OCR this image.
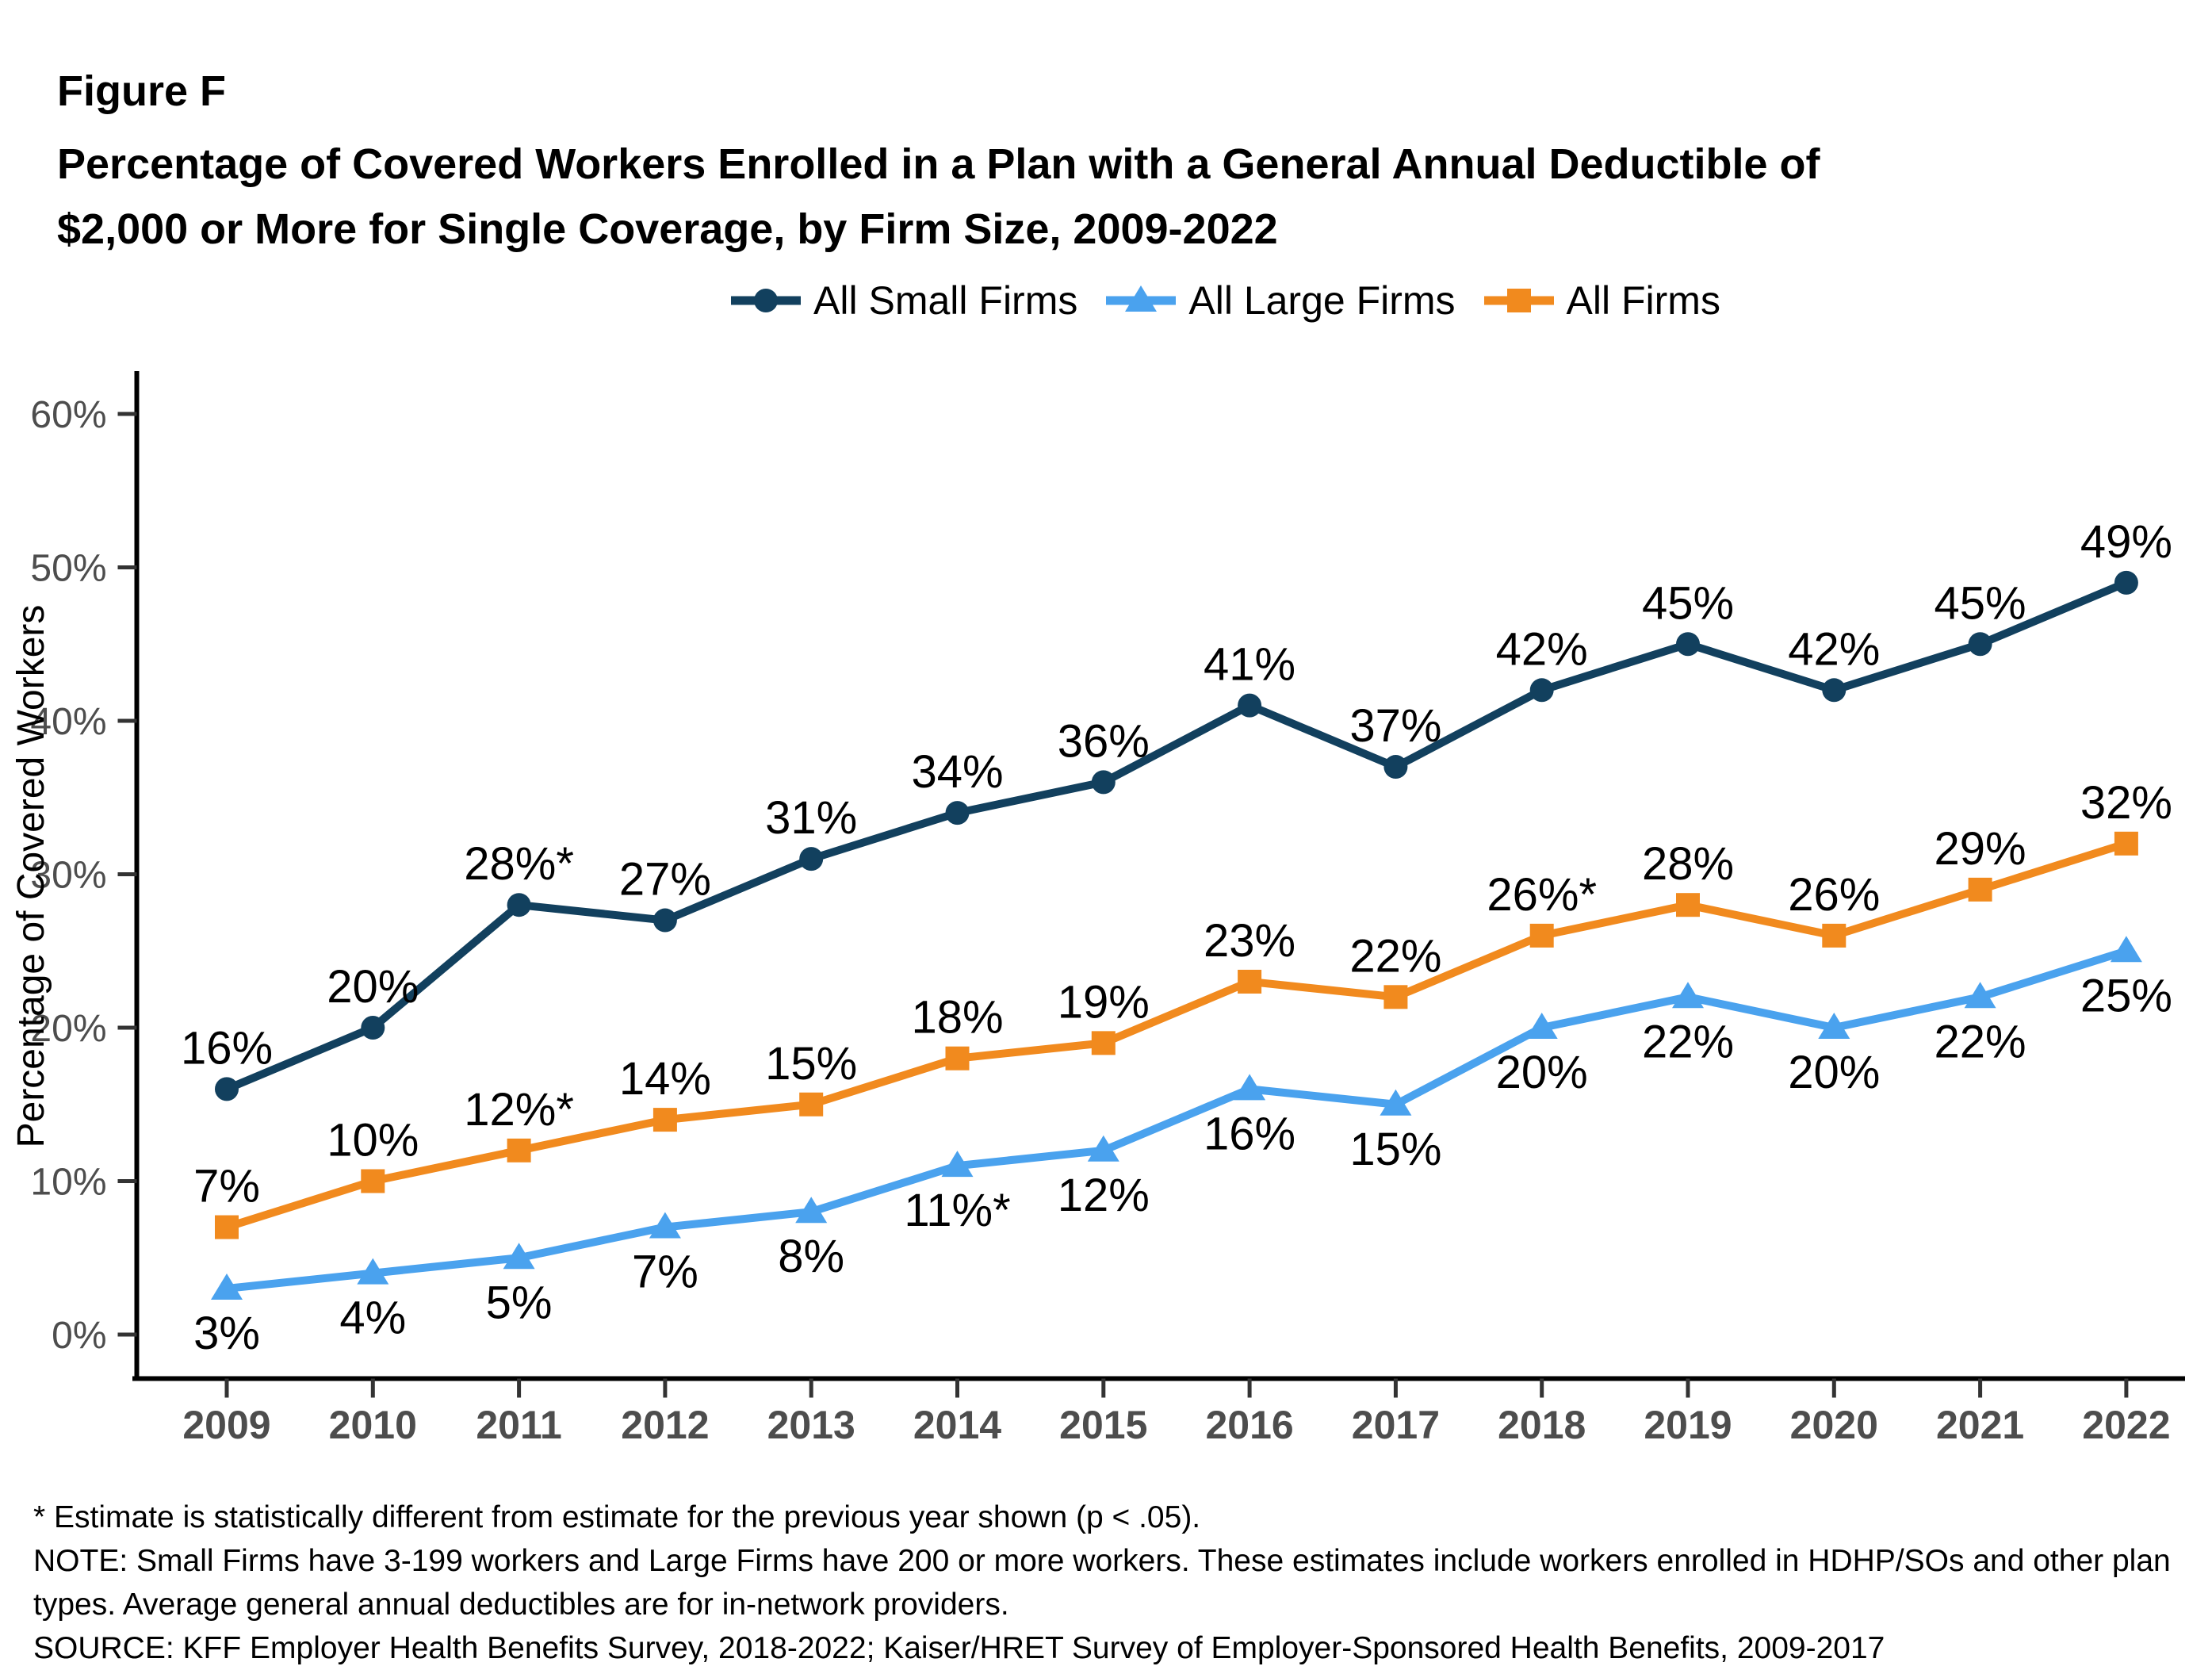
Figure F
Percentage of Covered Workers Enrolled in a Plan with a General Annual Deductible of
$2,000 or More for Single Coverage, by Firm Size, 2009-2022
All Small Firms	All Large Firms	All Firms
0%
10%
20%
30%
40%
50%
60%
2009 2010 2011 2012 2013 2014 2015 2016 2017 2018 2019 2020 2021 2022
Percentage of Covered Workers	16%
20%
28%* 27%
31%
34%
36%
41%
37%
42%
45%
42%
45%
49%
3% 4% 5%
7% 8%
11%* 12%
16% 15%
20%
22%
20%
22%
25%
7%
10%
12%*
14% 15%
18% 19%
23% 22%
26%*
28%
26%
29%
32%

* Estimate is statistically different from estimate for the previous year shown (p < .05).

NOTE: Small Firms have 3-199 workers and Large Firms have 200 or more workers. These estimates include workers enrolled in HDHP/SOs and other plan types. Average general annual deductibles are for in-network providers.

SOURCE: KFF Employer Health Benefits Survey, 2018-2022; Kaiser/HRET Survey of Employer-Sponsored Health Benefits, 2009-2017
